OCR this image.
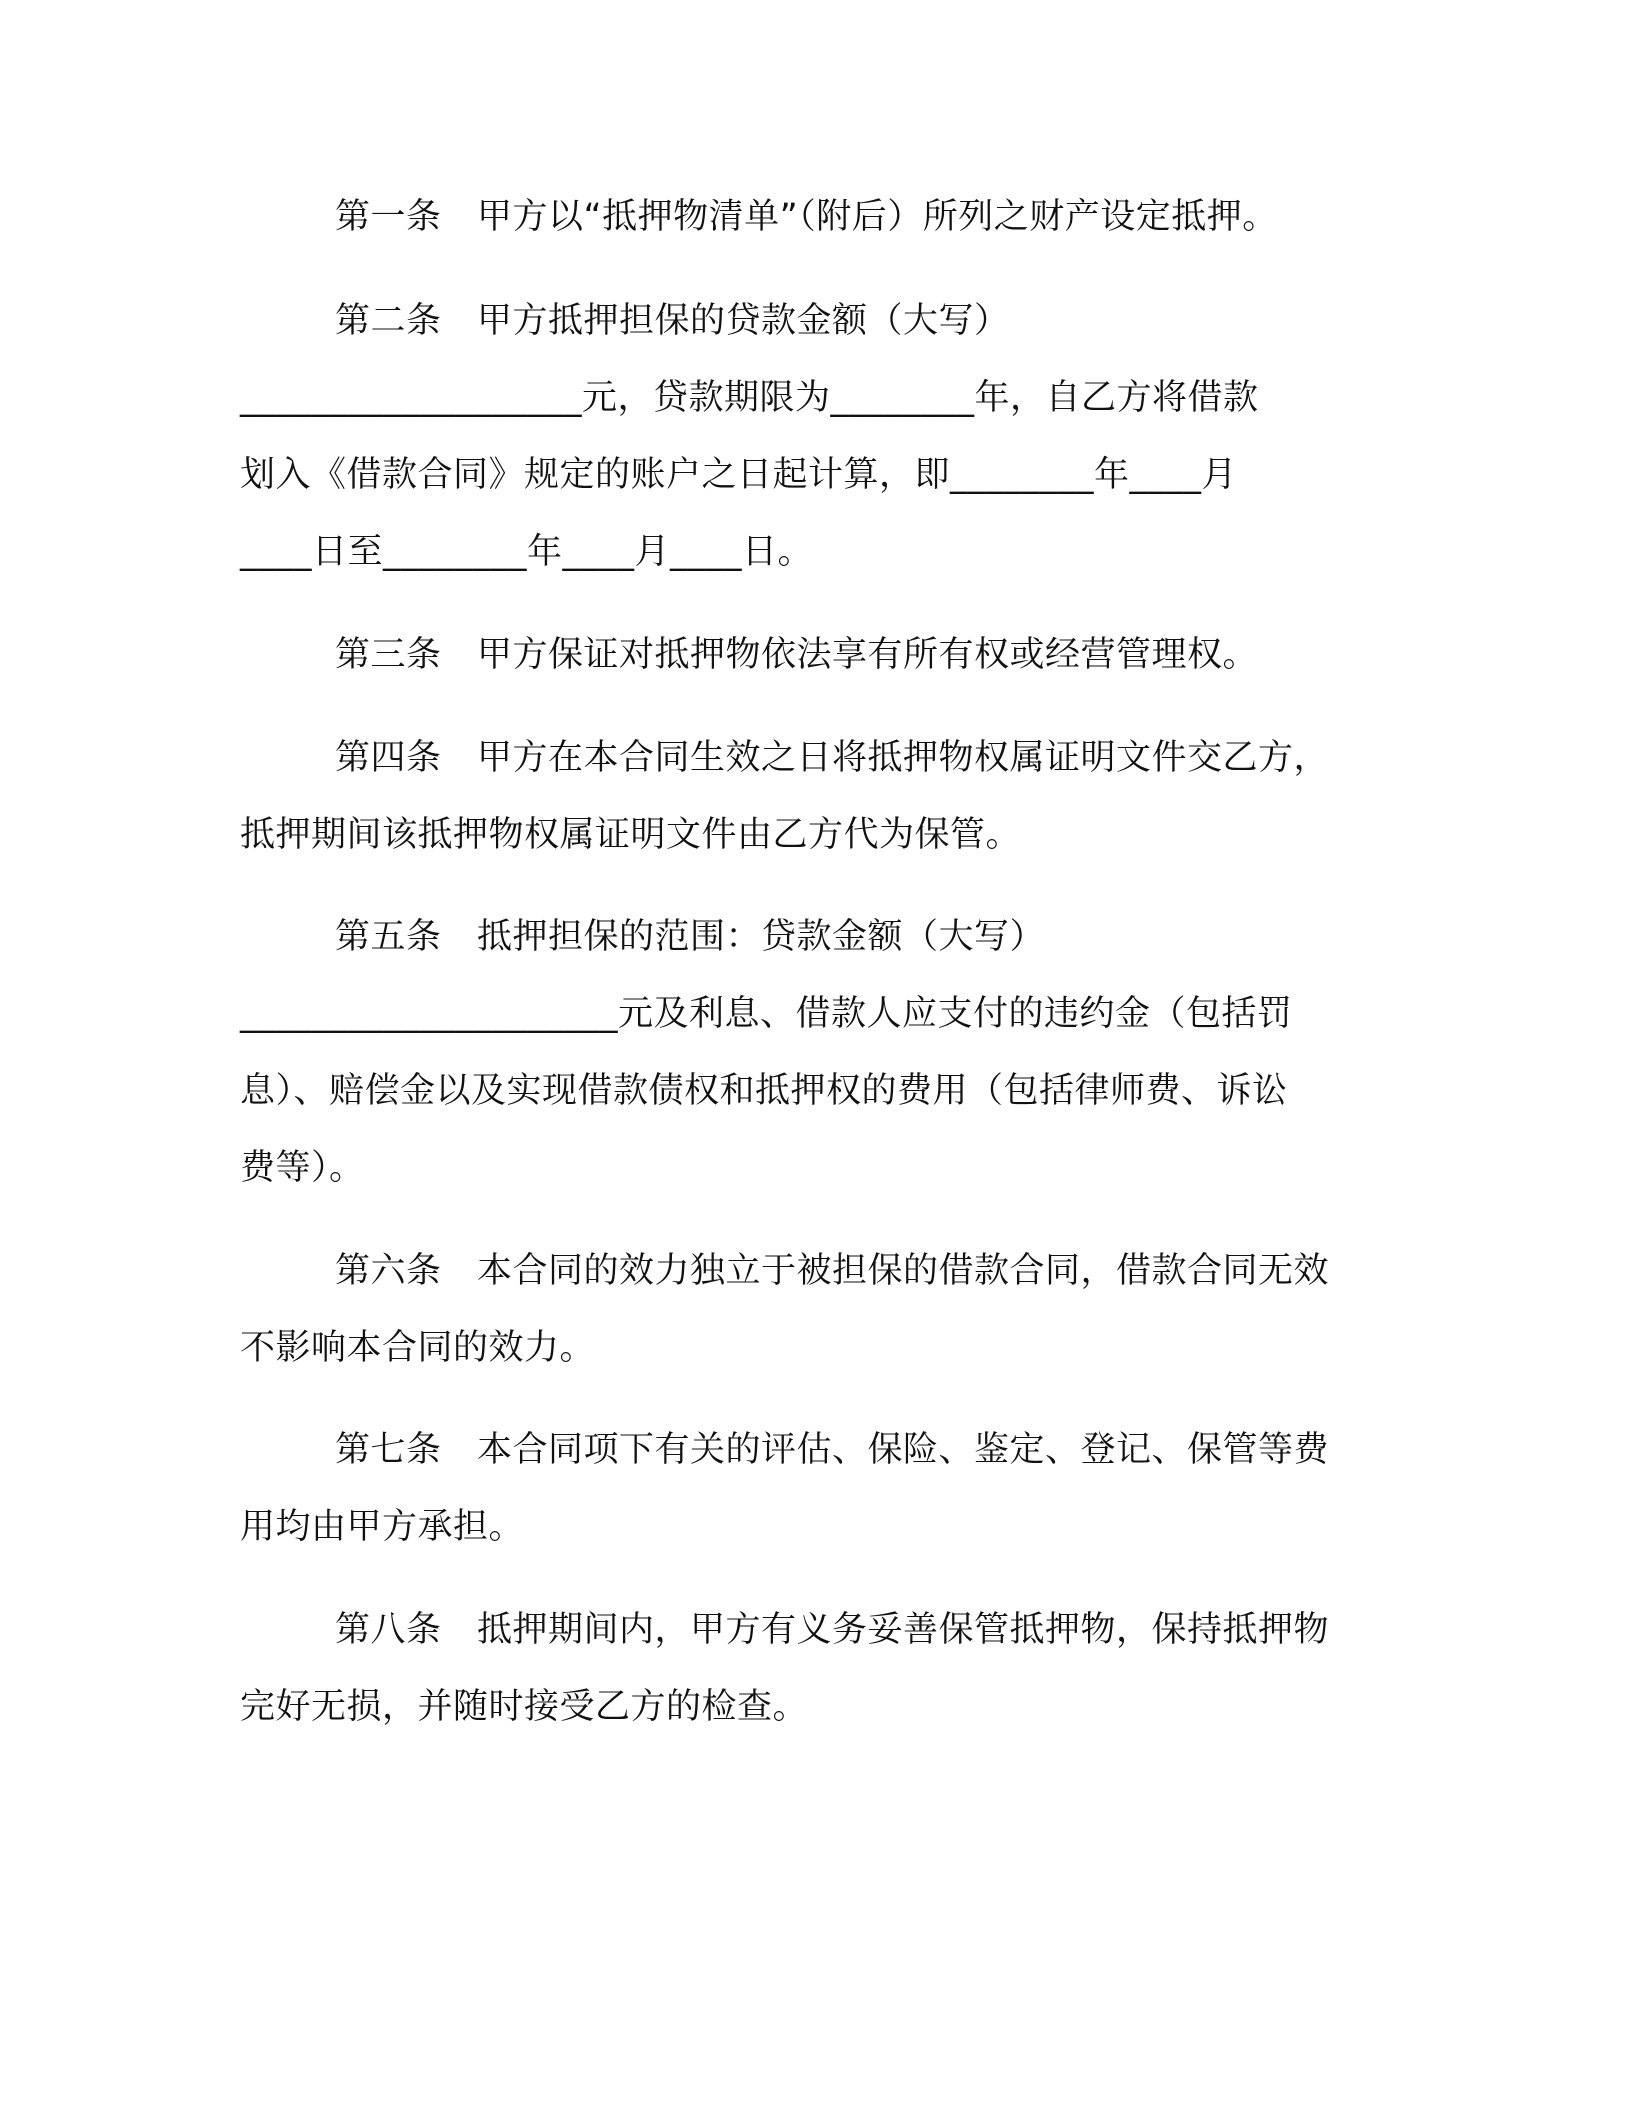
第一条　甲方以“抵押物清单”（附后）所列之财产设定抵押。
第二条　甲方抵押担保的贷款金额（大写）
___________________元，贷款期限为________年，自乙方将借款
划入《借款合同》规定的账户之日起计算，即________年____月
____日至________年____月____日。
第三条　甲方保证对抵押物依法享有所有权或经营管理权。
第四条　甲方在本合同生效之日将抵押物权属证明文件交乙方，
抵押期间该抵押物权属证明文件由乙方代为保管。
第五条　抵押担保的范围：贷款金额（大写）
_____________________元及利息、借款人应支付的违约金（包括罚
息）、赔偿金以及实现借款债权和抵押权的费用（包括律师费、诉讼
费等）。
第六条　本合同的效力独立于被担保的借款合同，借款合同无效
不影响本合同的效力。
第七条　本合同项下有关的评估、保险、鉴定、登记、保管等费
用均由甲方承担。
第八条　抵押期间内，甲方有义务妥善保管抵押物，保持抵押物
完好无损，并随时接受乙方的检查。
